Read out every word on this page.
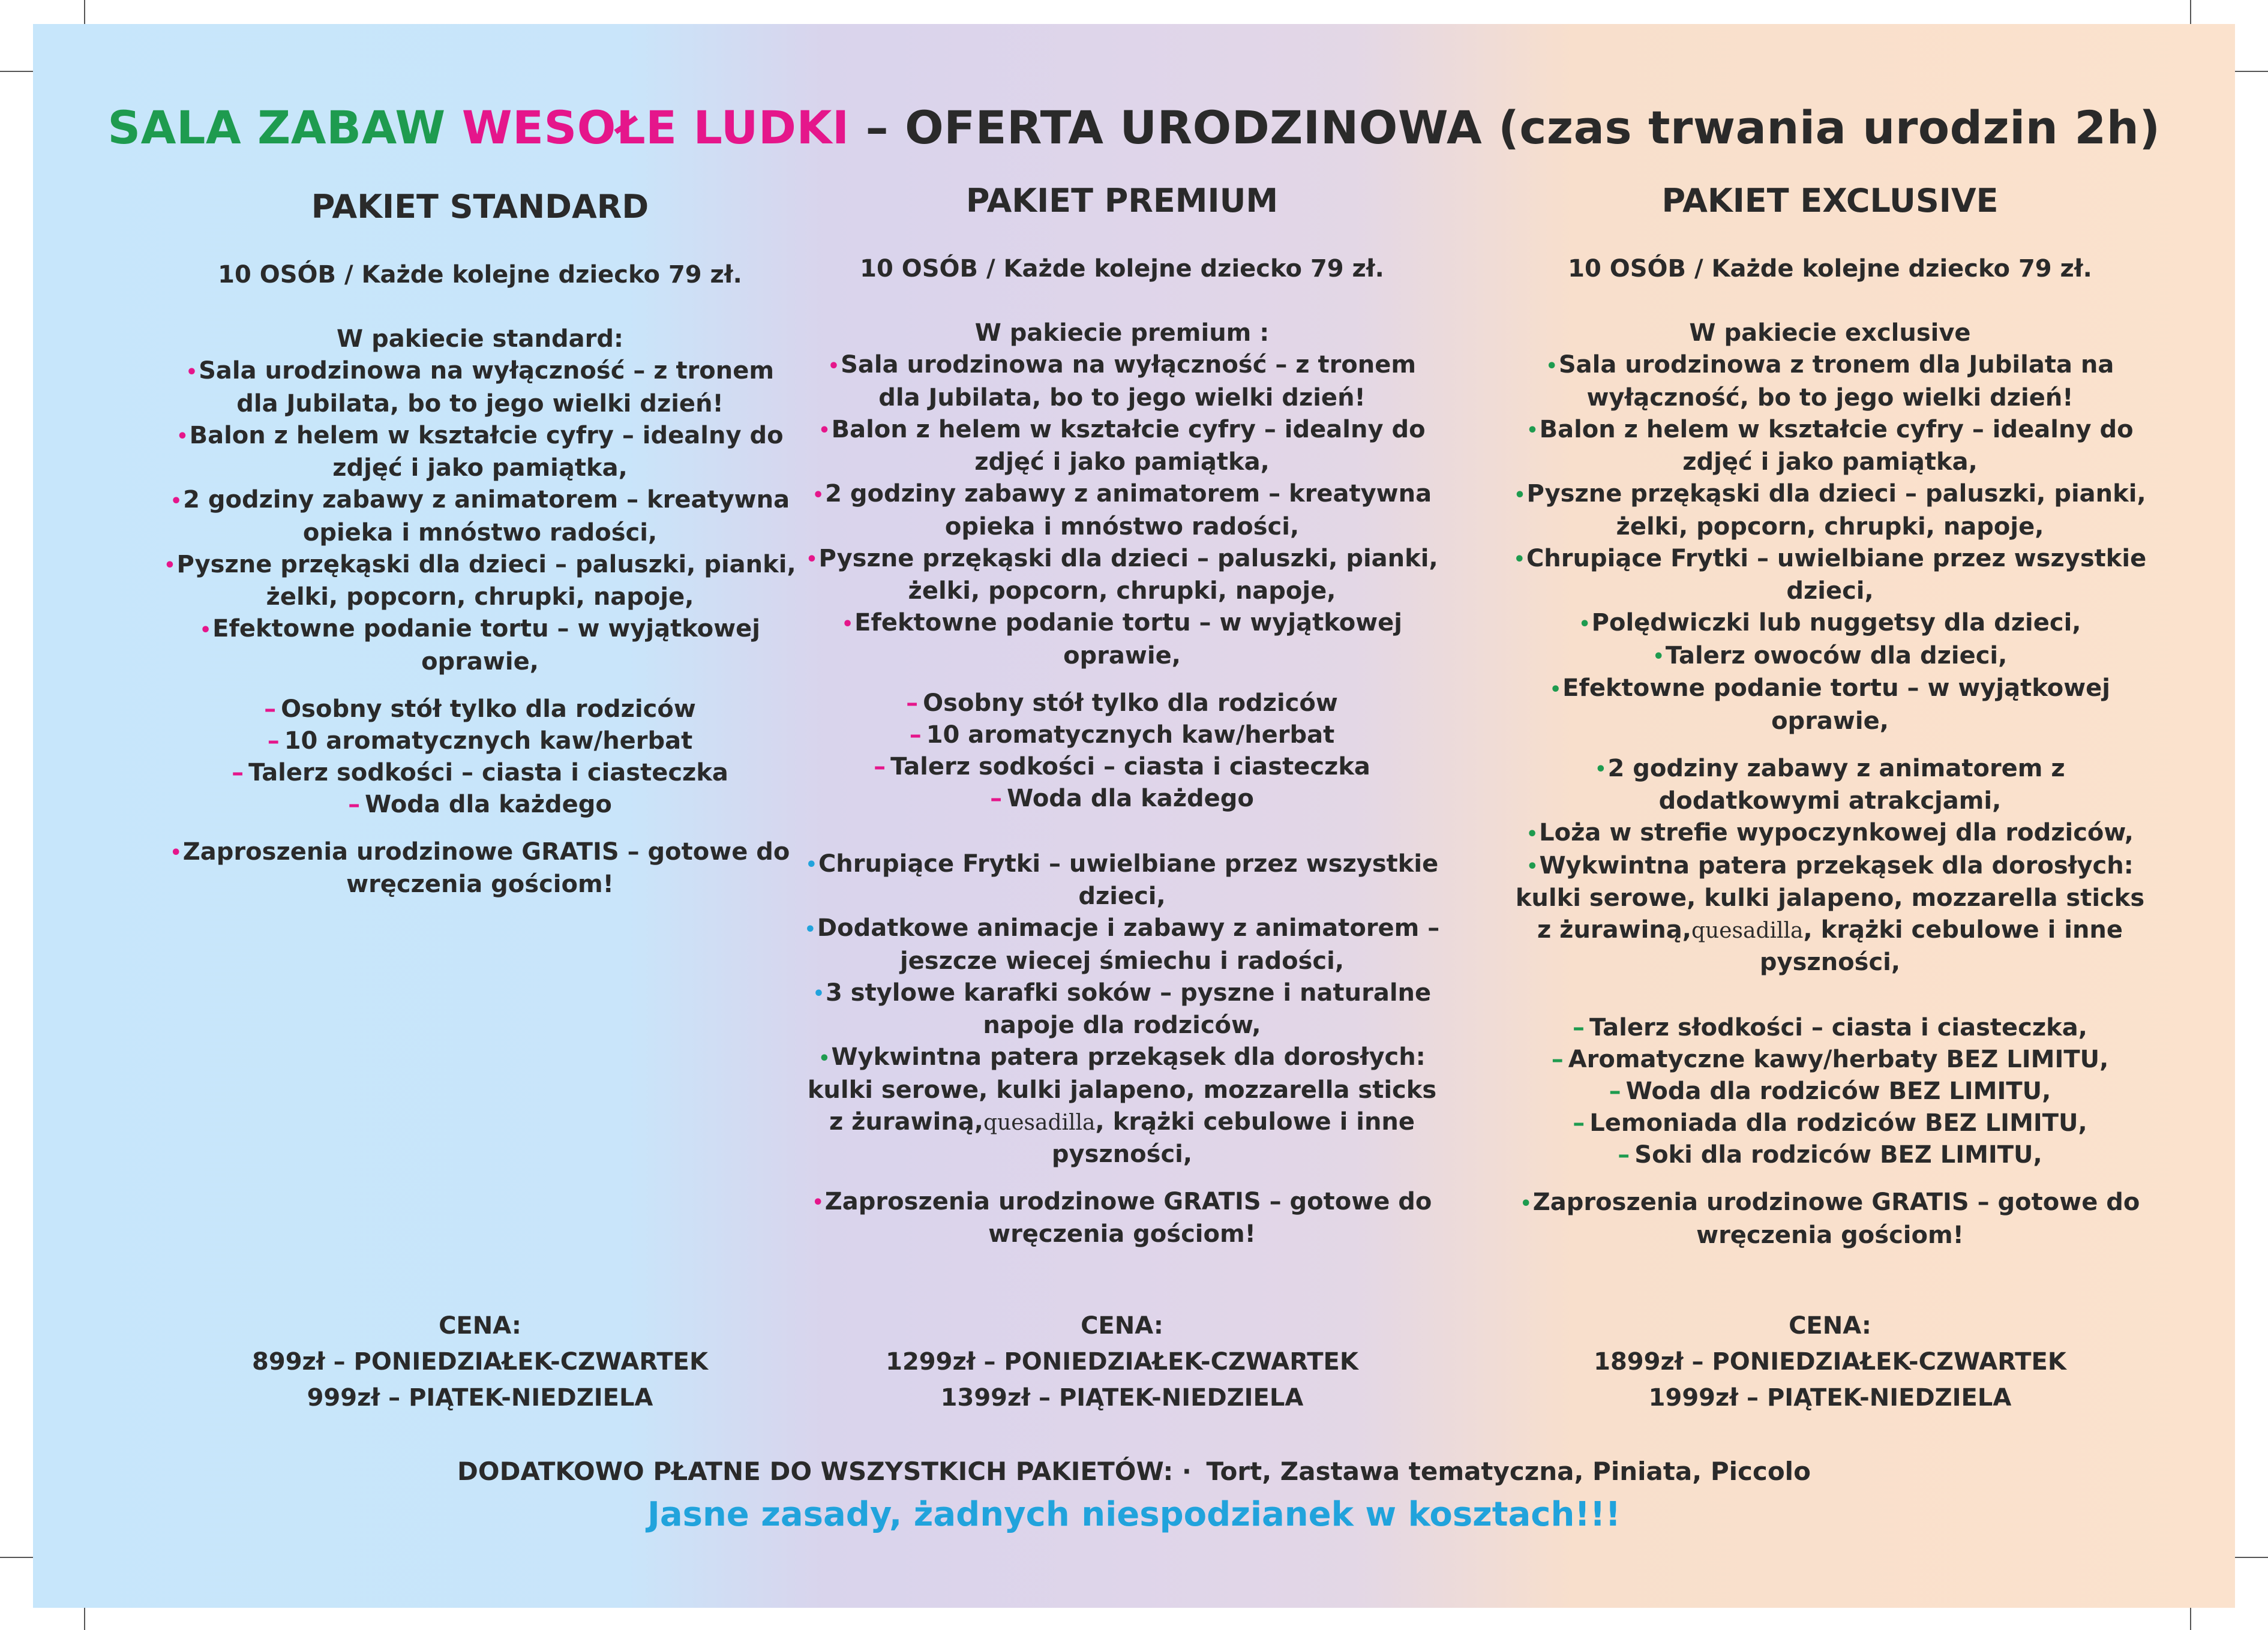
SALA ZABAW WESOŁE LUDKI – OFERTA URODZINOWA (czas trwania urodzin 2h)
PAKIET STANDARD
10 OSÓB / Każde kolejne dziecko 79 zł.
W pakiecie standard:
•Sala urodzinowa na wyłączność – z tronem dla Jubilata, bo to jego wielki dzień!
•Balon z helem w kształcie cyfry – idealny do zdjęć i jako pamiątka,
•2 godziny zabawy z animatorem – kreatywna opieka i mnóstwo radości,
•Pyszne przękąski dla dzieci – paluszki, pianki, żelki, popcorn, chrupki, napoje,
•Efektowne podanie tortu – w wyjątkowej oprawie,
– Osobny stół tylko dla rodziców
– 10 aromatycznych kaw/herbat
– Talerz sodkości – ciasta i ciasteczka
– Woda dla każdego
•Zaproszenia urodzinowe GRATIS – gotowe do wręczenia gościom!
PAKIET PREMIUM
10 OSÓB / Każde kolejne dziecko 79 zł.
W pakiecie premium :
•Sala urodzinowa na wyłączność – z tronem dla Jubilata, bo to jego wielki dzień!
•Balon z helem w kształcie cyfry – idealny do zdjęć i jako pamiątka,
•2 godziny zabawy z animatorem – kreatywna opieka i mnóstwo radości,
•Pyszne przękąski dla dzieci – paluszki, pianki, żelki, popcorn, chrupki, napoje,
•Efektowne podanie tortu – w wyjątkowej oprawie,
– Osobny stół tylko dla rodziców
– 10 aromatycznych kaw/herbat
– Talerz sodkości – ciasta i ciasteczka
– Woda dla każdego
•Chrupiące Frytki – uwielbiane przez wszystkie dzieci,
•Dodatkowe animacje i zabawy z animatorem – jeszcze wiecej śmiechu i radości,
•3 stylowe karafki soków – pyszne i naturalne napoje dla rodziców,
•Wykwintna patera przekąsek dla dorosłych: kulki serowe, kulki jalapeno, mozzarella sticks z żurawiną,quesadilla, krążki cebulowe i inne pyszności,
•Zaproszenia urodzinowe GRATIS – gotowe do wręczenia gościom!
PAKIET EXCLUSIVE
10 OSÓB / Każde kolejne dziecko 79 zł.
W pakiecie exclusive
•Sala urodzinowa z tronem dla Jubilata na wyłączność, bo to jego wielki dzień!
•Balon z helem w kształcie cyfry – idealny do zdjęć i jako pamiątka,
•Pyszne przękąski dla dzieci – paluszki, pianki, żelki, popcorn, chrupki, napoje,
•Chrupiące Frytki – uwielbiane przez wszystkie dzieci,
•Polędwiczki lub nuggetsy dla dzieci,
•Talerz owoców dla dzieci,
•Efektowne podanie tortu – w wyjątkowej oprawie,
•2 godziny zabawy z animatorem z dodatkowymi atrakcjami,
•Loża w strefie wypoczynkowej dla rodziców,
•Wykwintna patera przekąsek dla dorosłych: kulki serowe, kulki jalapeno, mozzarella sticks z żurawiną,quesadilla, krążki cebulowe i inne pyszności,
– Talerz słodkości – ciasta i ciasteczka,
– Aromatyczne kawy/herbaty BEZ LIMITU,
– Woda dla rodziców BEZ LIMITU,
– Lemoniada dla rodziców BEZ LIMITU,
– Soki dla rodziców BEZ LIMITU,
•Zaproszenia urodzinowe GRATIS – gotowe do wręczenia gościom!
CENA:
899zł – PONIEDZIAŁEK-CZWARTEK
999zł – PIĄTEK-NIEDZIELA
CENA:
1299zł – PONIEDZIAŁEK-CZWARTEK
1399zł – PIĄTEK-NIEDZIELA
CENA:
1899zł – PONIEDZIAŁEK-CZWARTEK
1999zł – PIĄTEK-NIEDZIELA
DODATKOWO PŁATNE DO WSZYSTKICH PAKIETÓW: · Tort, Zastawa tematyczna, Piniata, Piccolo
Jasne zasady, żadnych niespodzianek w kosztach!!!
